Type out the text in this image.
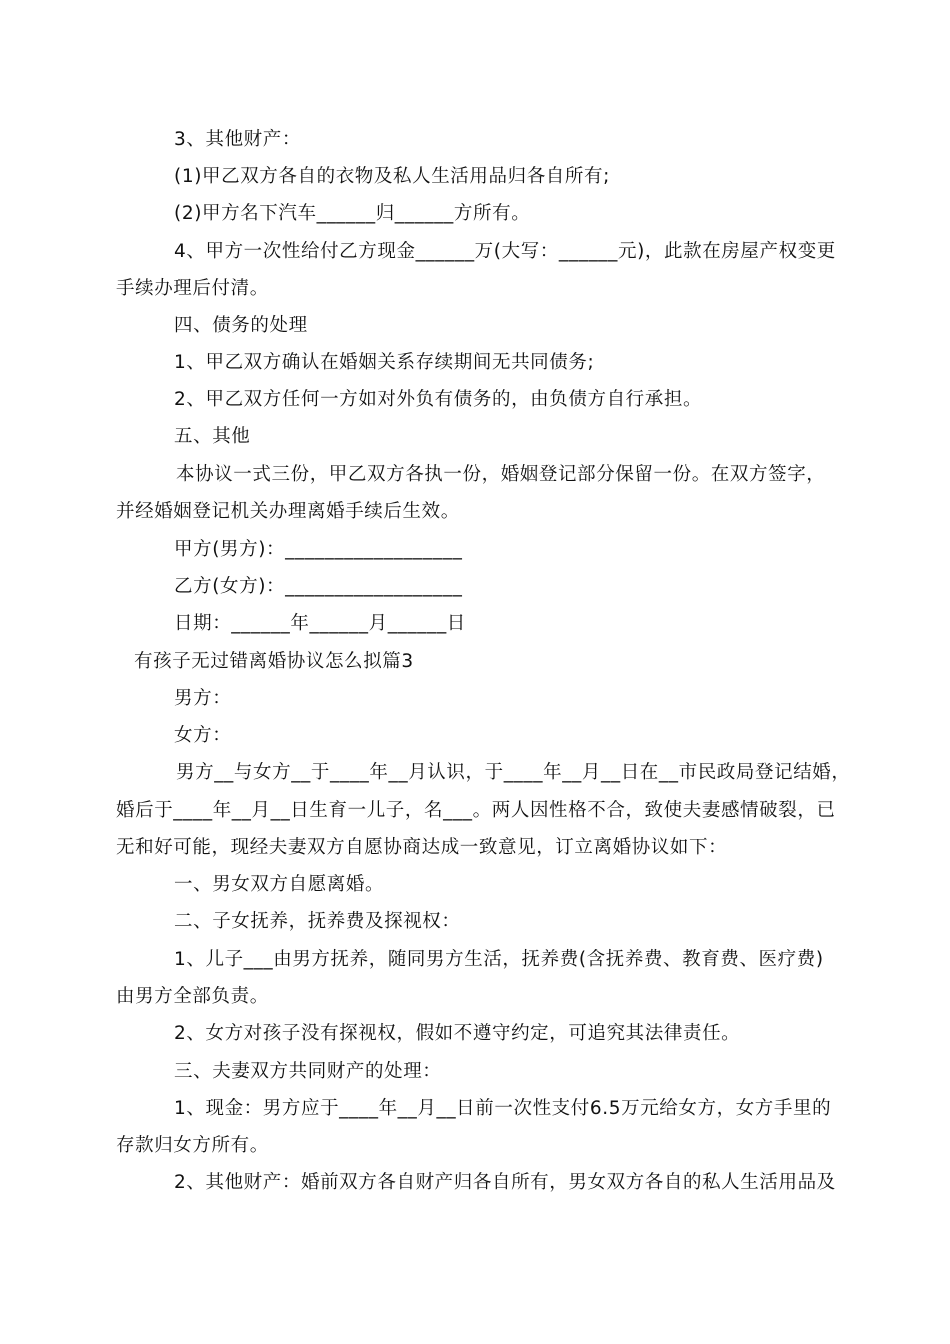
3、其他财产：
(1)甲乙双方各自的衣物及私人生活用品归各自所有;
(2)甲方名下汽车______归______方所有。
4、甲方一次性给付乙方现金______万(大写：______元)，此款在房屋产权变更
手续办理后付清。
四、债务的处理
1、甲乙双方确认在婚姻关系存续期间无共同债务;
2、甲乙双方任何一方如对外负有债务的，由负债方自行承担。
五、其他
本协议一式三份，甲乙双方各执一份，婚姻登记部分保留一份。在双方签字，
并经婚姻登记机关办理离婚手续后生效。
甲方(男方)：__________________
乙方(女方)：__________________
日期：______年______月______日
有孩子无过错离婚协议怎么拟篇3
男方：
女方：
男方__与女方__于____年__月认识，于____年__月__日在__市民政局登记结婚，
婚后于____年__月__日生育一儿子，名___。两人因性格不合，致使夫妻感情破裂，已
无和好可能，现经夫妻双方自愿协商达成一致意见，订立离婚协议如下：
一、男女双方自愿离婚。
二、子女抚养，抚养费及探视权：
1、儿子___由男方抚养，随同男方生活，抚养费(含抚养费、教育费、医疗费)
由男方全部负责。
2、女方对孩子没有探视权，假如不遵守约定，可追究其法律责任。
三、夫妻双方共同财产的处理：
1、现金：男方应于____年__月__日前一次性支付6.5万元给女方，女方手里的
存款归女方所有。
2、其他财产：婚前双方各自财产归各自所有，男女双方各自的私人生活用品及
